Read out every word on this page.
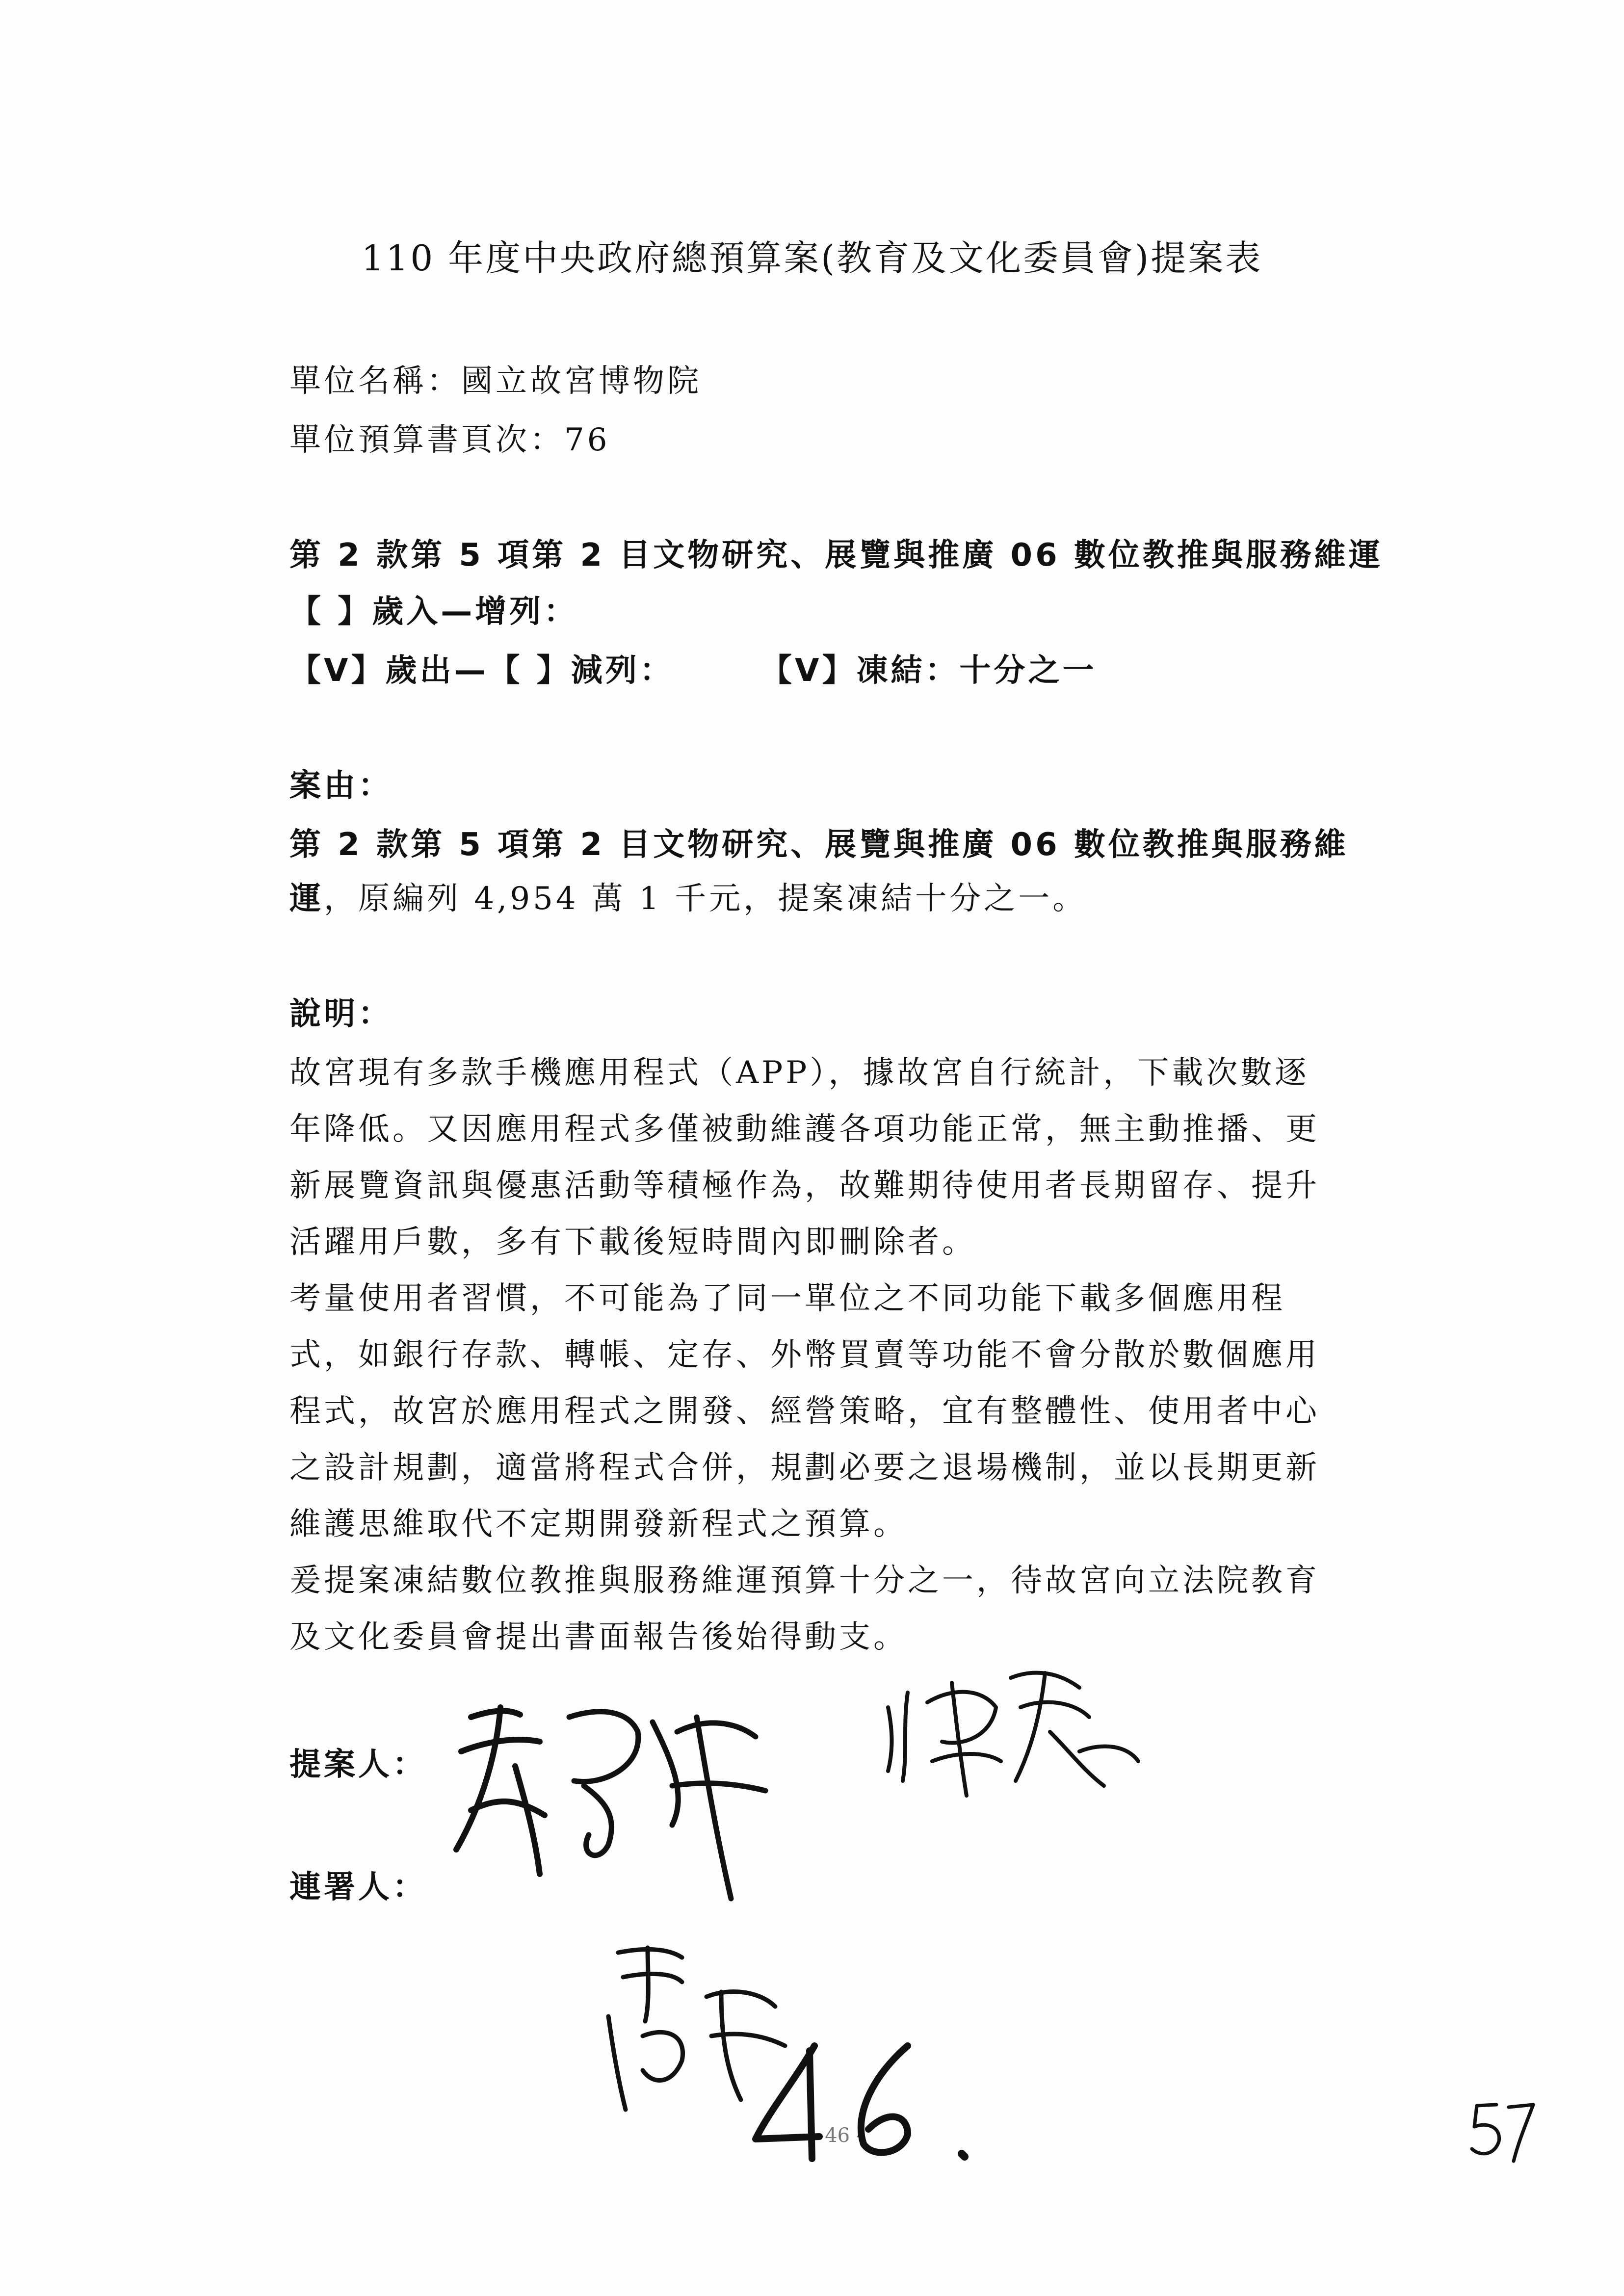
110 年度中央政府總預算案(教育及文化委員會)提案表
單位名稱：國立故宮博物院
單位預算書頁次：76
第 2 款第 5 項第 2 目文物研究、展覽與推廣 06 數位教推與服務維運
【 】歲入—增列：
【V】歲出—【 】減列：	【V】凍結：十分之一
案由：
第 2 款第 5 項第 2 目文物研究、展覽與推廣 06 數位教推與服務維
運，原編列 4,954 萬 1 千元，提案凍結十分之一。
說明：
故宮現有多款手機應用程式（APP），據故宮自行統計，下載次數逐
年降低。又因應用程式多僅被動維護各項功能正常，無主動推播、更
新展覽資訊與優惠活動等積極作為，故難期待使用者長期留存、提升
活躍用戶數，多有下載後短時間內即刪除者。
考量使用者習慣，不可能為了同一單位之不同功能下載多個應用程
式，如銀行存款、轉帳、定存、外幣買賣等功能不會分散於數個應用
程式，故宮於應用程式之開發、經營策略，宜有整體性、使用者中心
之設計規劃，適當將程式合併，規劃必要之退場機制，並以長期更新
維護思維取代不定期開發新程式之預算。
爰提案凍結數位教推與服務維運預算十分之一，待故宮向立法院教育
及文化委員會提出書面報告後始得動支。
提案人：
連署人：
- 46 -
